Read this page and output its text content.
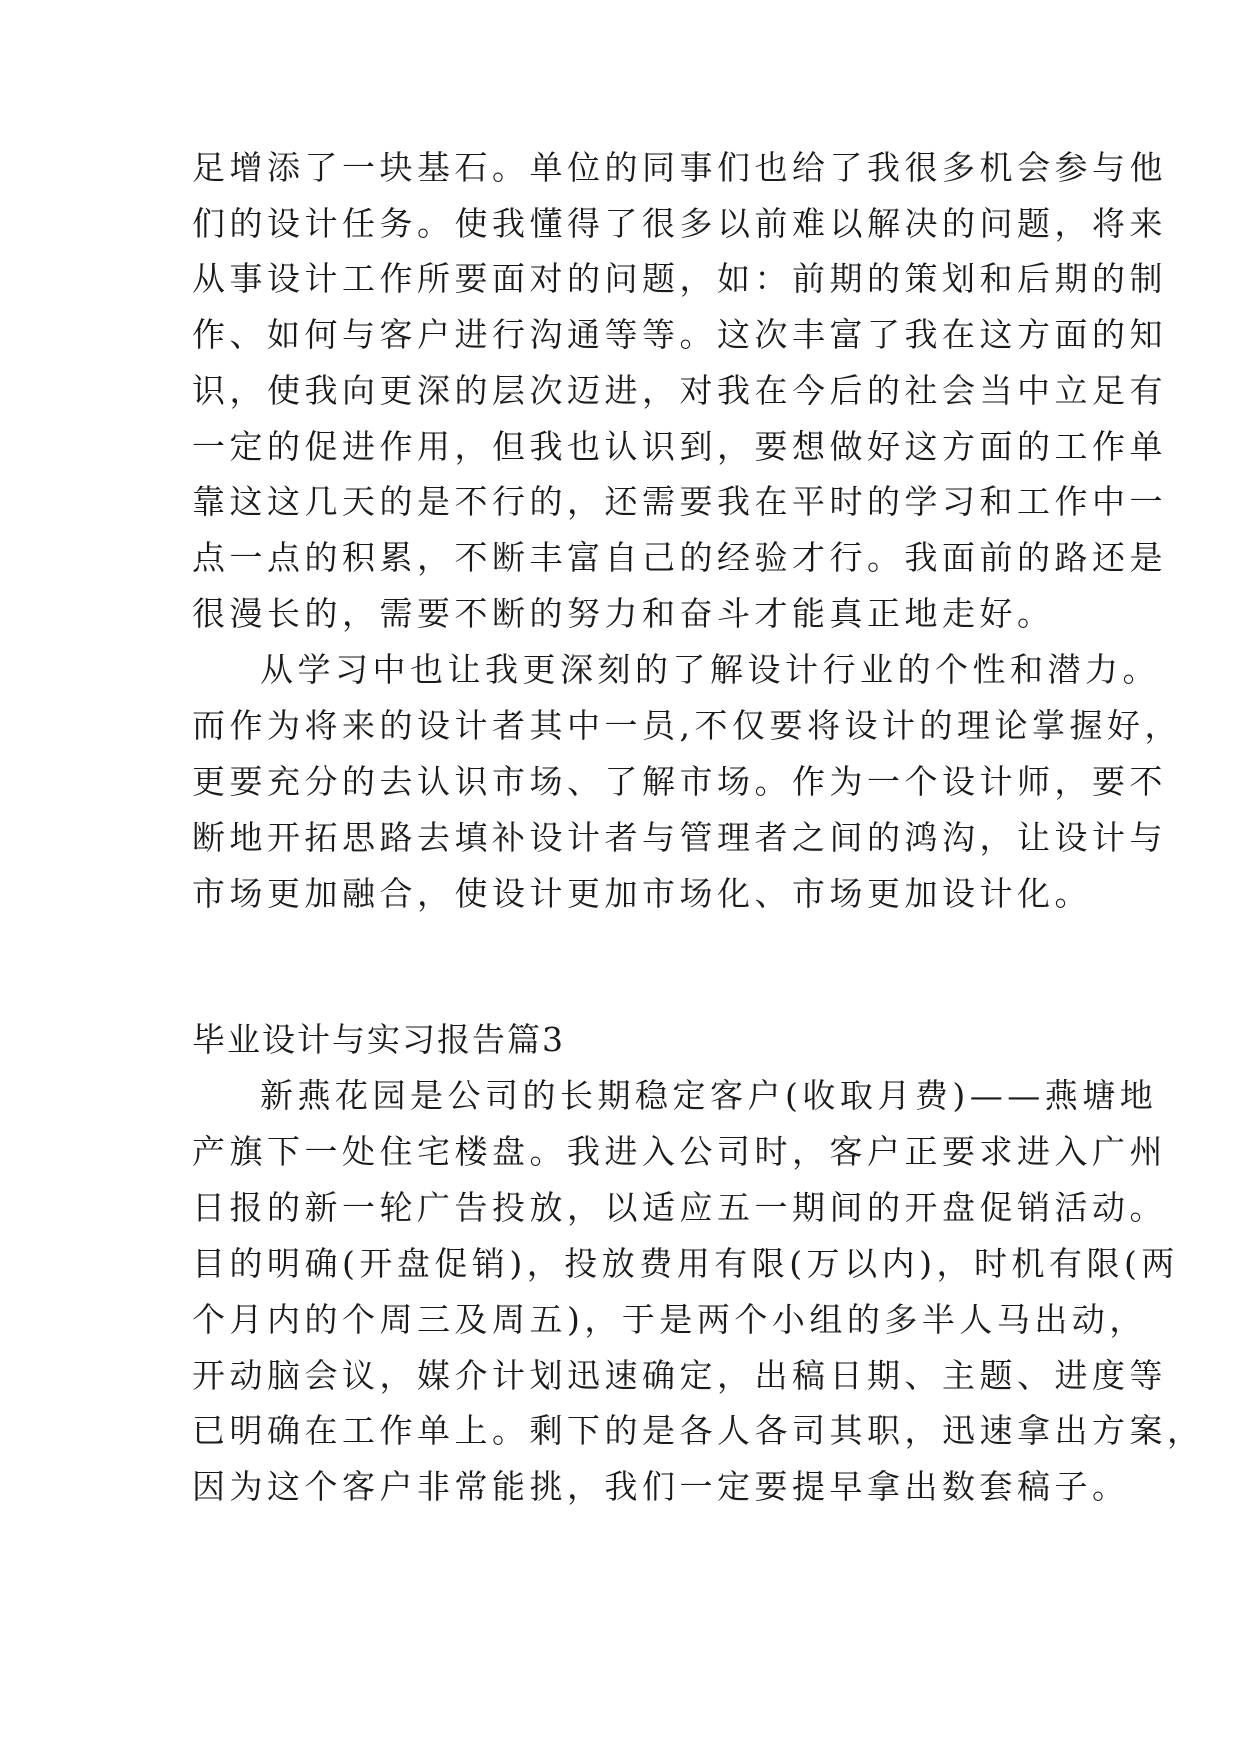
足增添了一块基石。单位的同事们也给了我很多机会参与他
们的设计任务。使我懂得了很多以前难以解决的问题，将来
从事设计工作所要面对的问题，如：前期的策划和后期的制
作、如何与客户进行沟通等等。这次丰富了我在这方面的知
识，使我向更深的层次迈进，对我在今后的社会当中立足有
一定的促进作用，但我也认识到，要想做好这方面的工作单
靠这这几天的是不行的，还需要我在平时的学习和工作中一
点一点的积累，不断丰富自己的经验才行。我面前的路还是
很漫长的，需要不断的努力和奋斗才能真正地走好。
从学习中也让我更深刻的了解设计行业的个性和潜力。
而作为将来的设计者其中一员,不仅要将设计的理论掌握好，
更要充分的去认识市场、了解市场。作为一个设计师，要不
断地开拓思路去填补设计者与管理者之间的鸿沟，让设计与
市场更加融合，使设计更加市场化、市场更加设计化。
毕业设计与实习报告篇3
新燕花园是公司的长期稳定客户(收取月费)——燕塘地
产旗下一处住宅楼盘。我进入公司时，客户正要求进入广州
日报的新一轮广告投放，以适应五一期间的开盘促销活动。
目的明确(开盘促销)，投放费用有限(万以内)，时机有限(两
个月内的个周三及周五)，于是两个小组的多半人马出动，
开动脑会议，媒介计划迅速确定，出稿日期、主题、进度等
已明确在工作单上。剩下的是各人各司其职，迅速拿出方案，
因为这个客户非常能挑，我们一定要提早拿出数套稿子。
